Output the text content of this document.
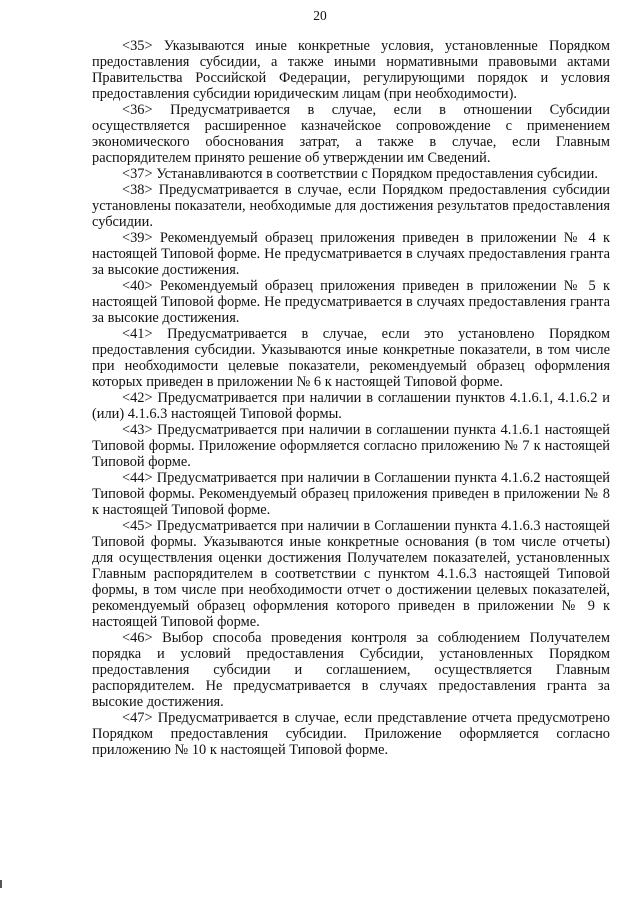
20

<35> Указываются иные конкретные условия, установленные Порядком предоставления субсидии, а также иными нормативными правовыми актами Правительства Российской Федерации, регулирующими порядок и условия предоставления субсидии юридическим лицам (при необходимости).

<36> Предусматривается в случае, если в отношении Субсидии осуществляется расширенное казначейское сопровождение с применением экономического обоснования затрат, а также в случае, если Главным распорядителем принято решение об утверждении им Сведений.

<37> Устанавливаются в соответствии с Порядком предоставления субсидии.

<38> Предусматривается в случае, если Порядком предоставления субсидии установлены показатели, необходимые для достижения результатов предоставления субсидии.

<39> Рекомендуемый образец приложения приведен в приложении № 4 к настоящей Типовой форме. Не предусматривается в случаях предоставления гранта за высокие достижения.

<40> Рекомендуемый образец приложения приведен в приложении № 5 к настоящей Типовой форме. Не предусматривается в случаях предоставления гранта за высокие достижения.

<41> Предусматривается в случае, если это установлено Порядком предоставления субсидии. Указываются иные конкретные показатели, в том числе при необходимости целевые показатели, рекомендуемый образец оформления которых приведен в приложении № 6 к настоящей Типовой форме.

<42> Предусматривается при наличии в соглашении пунктов 4.1.6.1, 4.1.6.2 и (или) 4.1.6.3 настоящей Типовой формы.

<43> Предусматривается при наличии в соглашении пункта 4.1.6.1 настоящей Типовой формы. Приложение оформляется согласно приложению № 7 к настоящей Типовой форме.

<44> Предусматривается при наличии в Соглашении пункта 4.1.6.2 настоящей Типовой формы. Рекомендуемый образец приложения приведен в приложении № 8 к настоящей Типовой форме.

<45> Предусматривается при наличии в Соглашении пункта 4.1.6.3 настоящей Типовой формы. Указываются иные конкретные основания (в том числе отчеты) для осуществления оценки достижения Получателем показателей, установленных Главным распорядителем в соответствии с пунктом 4.1.6.3 настоящей Типовой формы, в том числе при необходимости отчет о достижении целевых показателей, рекомендуемый образец оформления которого приведен в приложении № 9 к настоящей Типовой форме.

<46> Выбор способа проведения контроля за соблюдением Получателем порядка и условий предоставления Субсидии, установленных Порядком предоставления субсидии и соглашением, осуществляется Главным распорядителем. Не предусматривается в случаях предоставления гранта за высокие достижения.

<47> Предусматривается в случае, если представление отчета предусмотрено Порядком предоставления субсидии. Приложение оформляется согласно приложению № 10 к настоящей Типовой форме.
